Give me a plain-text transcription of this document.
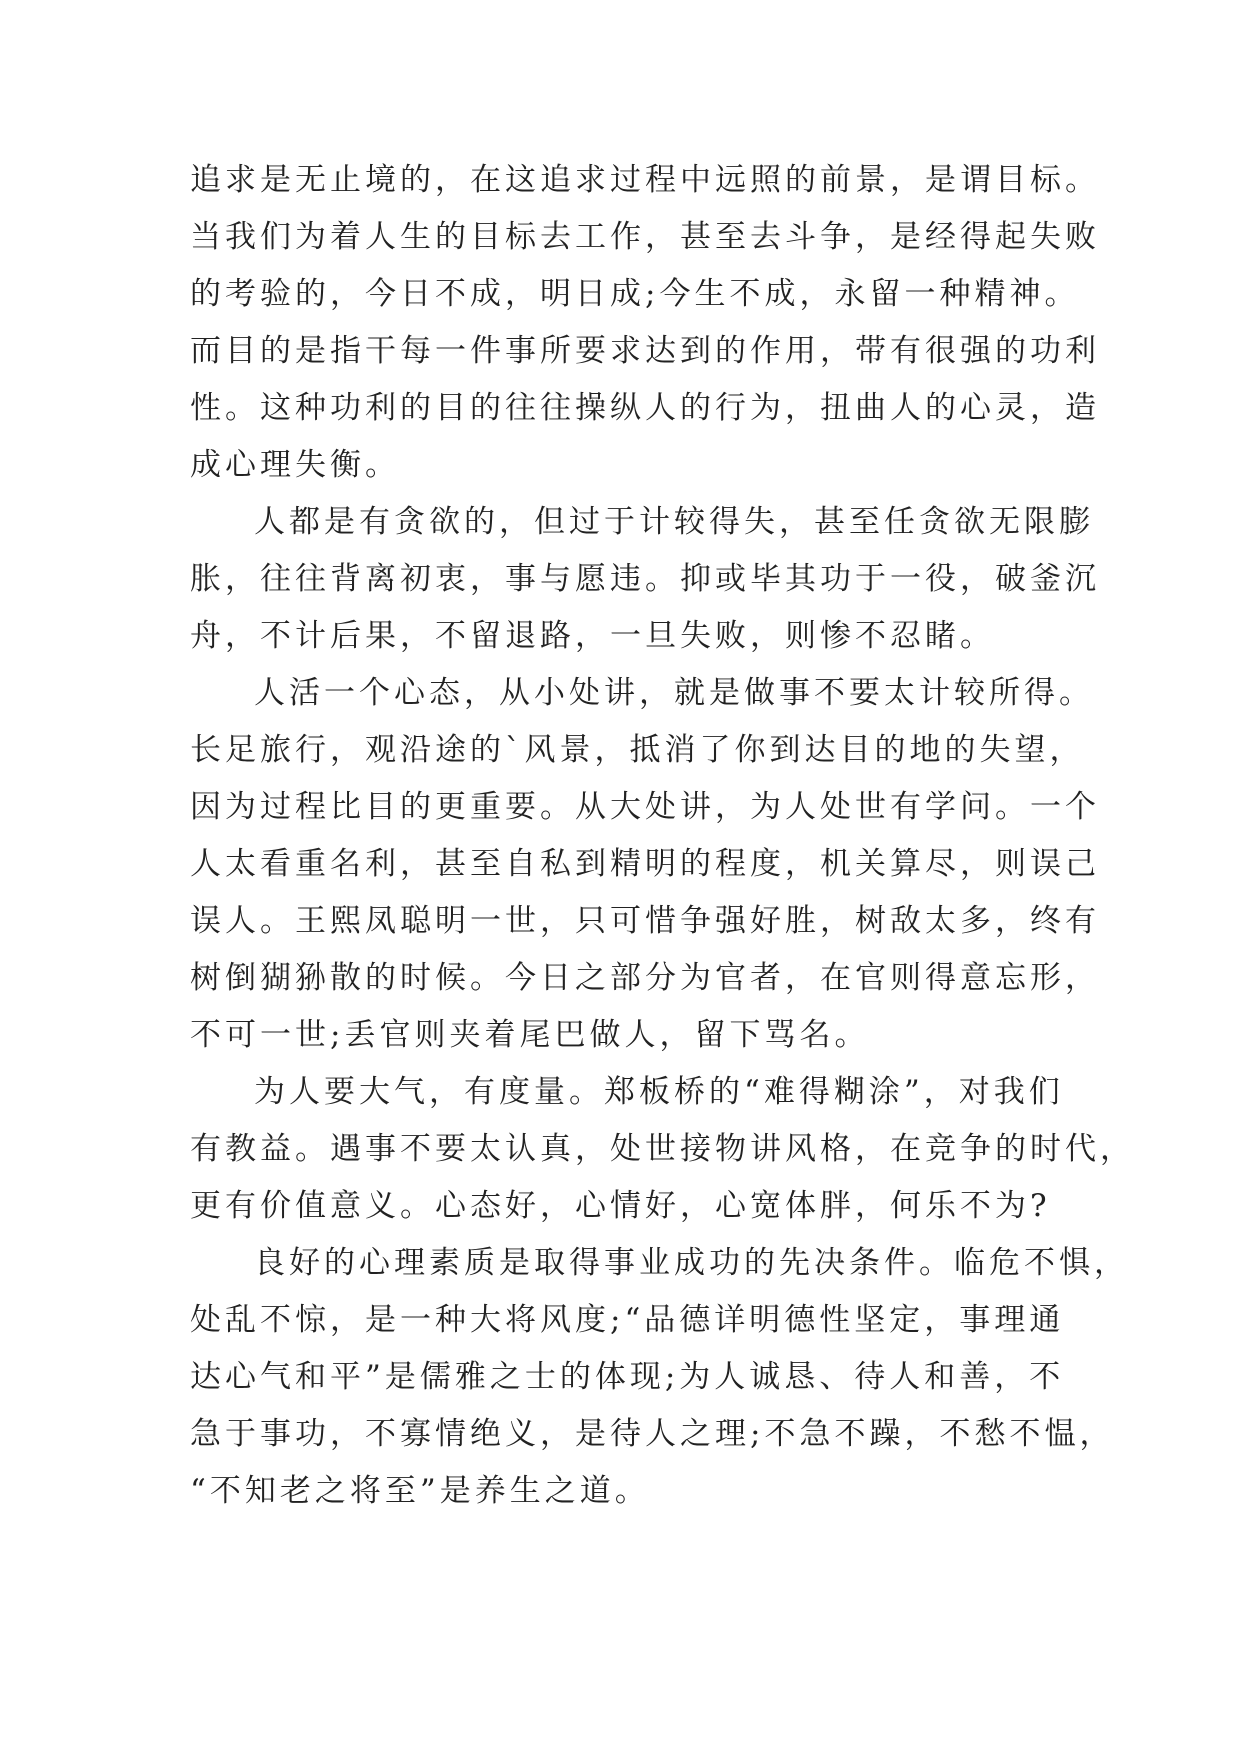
追求是无止境的，在这追求过程中远照的前景，是谓目标。
当我们为着人生的目标去工作，甚至去斗争，是经得起失败
的考验的，今日不成，明日成;今生不成，永留一种精神。
而目的是指干每一件事所要求达到的作用，带有很强的功利
性。这种功利的目的往往操纵人的行为，扭曲人的心灵，造
成心理失衡。
人都是有贪欲的，但过于计较得失，甚至任贪欲无限膨
胀，往往背离初衷，事与愿违。抑或毕其功于一役，破釜沉
舟，不计后果，不留退路，一旦失败，则惨不忍睹。
人活一个心态，从小处讲，就是做事不要太计较所得。
长足旅行，观沿途的`风景，抵消了你到达目的地的失望，
因为过程比目的更重要。从大处讲，为人处世有学问。一个
人太看重名利，甚至自私到精明的程度，机关算尽，则误己
误人。王熙凤聪明一世，只可惜争强好胜，树敌太多，终有
树倒猢狲散的时候。今日之部分为官者，在官则得意忘形，
不可一世;丢官则夹着尾巴做人，留下骂名。
为人要大气，有度量。郑板桥的“难得糊涂”，对我们
有教益。遇事不要太认真，处世接物讲风格，在竞争的时代，
更有价值意义。心态好，心情好，心宽体胖，何乐不为?
良好的心理素质是取得事业成功的先决条件。临危不惧，
处乱不惊，是一种大将风度;“品德详明德性坚定，事理通
达心气和平”是儒雅之士的体现;为人诚恳、待人和善，不
急于事功，不寡情绝义，是待人之理;不急不躁，不愁不愠，
“不知老之将至”是养生之道。
